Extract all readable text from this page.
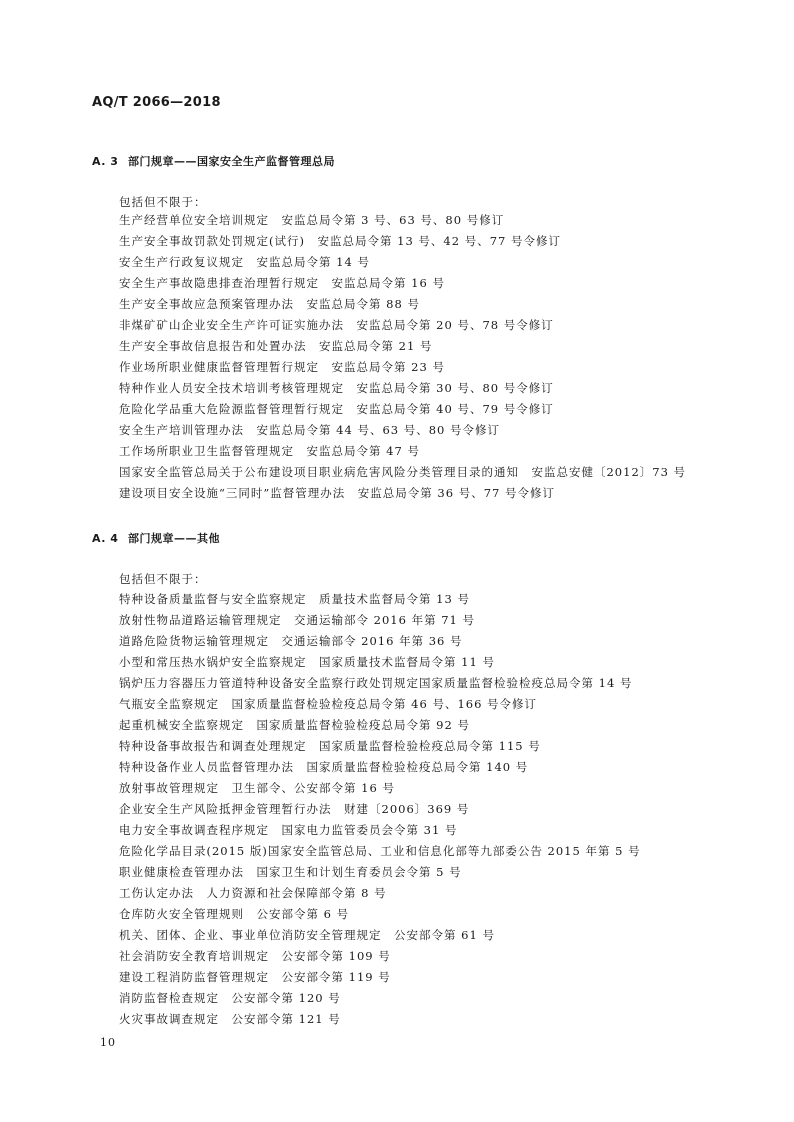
AQ/T 2066—2018
A. 3 部门规章——国家安全生产监督管理总局
包括但不限于：
生产经营单位安全培训规定　安监总局令第 3 号、63 号、80 号修订
生产安全事故罚款处罚规定(试行)　安监总局令第 13 号、42 号、77 号令修订
安全生产行政复议规定　安监总局令第 14 号
安全生产事故隐患排查治理暂行规定　安监总局令第 16 号
生产安全事故应急预案管理办法　安监总局令第 88 号
非煤矿矿山企业安全生产许可证实施办法　安监总局令第 20 号、78 号令修订
生产安全事故信息报告和处置办法　安监总局令第 21 号
作业场所职业健康监督管理暂行规定　安监总局令第 23 号
特种作业人员安全技术培训考核管理规定　安监总局令第 30 号、80 号令修订
危险化学品重大危险源监督管理暂行规定　安监总局令第 40 号、79 号令修订
安全生产培训管理办法　安监总局令第 44 号、63 号、80 号令修订
工作场所职业卫生监督管理规定　安监总局令第 47 号
国家安全监管总局关于公布建设项目职业病危害风险分类管理目录的通知　安监总安健〔2012〕73 号
建设项目安全设施“三同时”监督管理办法　安监总局令第 36 号、77 号令修订
A. 4 部门规章——其他
包括但不限于：
特种设备质量监督与安全监察规定　质量技术监督局令第 13 号
放射性物品道路运输管理规定　交通运输部令 2016 年第 71 号
道路危险货物运输管理规定　交通运输部令 2016 年第 36 号
小型和常压热水锅炉安全监察规定　国家质量技术监督局令第 11 号
锅炉压力容器压力管道特种设备安全监察行政处罚规定国家质量监督检验检疫总局令第 14 号
气瓶安全监察规定　国家质量监督检验检疫总局令第 46 号、166 号令修订
起重机械安全监察规定　国家质量监督检验检疫总局令第 92 号
特种设备事故报告和调查处理规定　国家质量监督检验检疫总局令第 115 号
特种设备作业人员监督管理办法　国家质量监督检验检疫总局令第 140 号
放射事故管理规定　卫生部令、公安部令第 16 号
企业安全生产风险抵押金管理暂行办法　财建〔2006〕369 号
电力安全事故调查程序规定　国家电力监管委员会令第 31 号
危险化学品目录(2015 版)国家安全监管总局、工业和信息化部等九部委公告 2015 年第 5 号
职业健康检查管理办法　国家卫生和计划生育委员会令第 5 号
工伤认定办法　人力资源和社会保障部令第 8 号
仓库防火安全管理规则　公安部令第 6 号
机关、团体、企业、事业单位消防安全管理规定　公安部令第 61 号
社会消防安全教育培训规定　公安部令第 109 号
建设工程消防监督管理规定　公安部令第 119 号
消防监督检查规定　公安部令第 120 号
火灾事故调查规定　公安部令第 121 号
10
